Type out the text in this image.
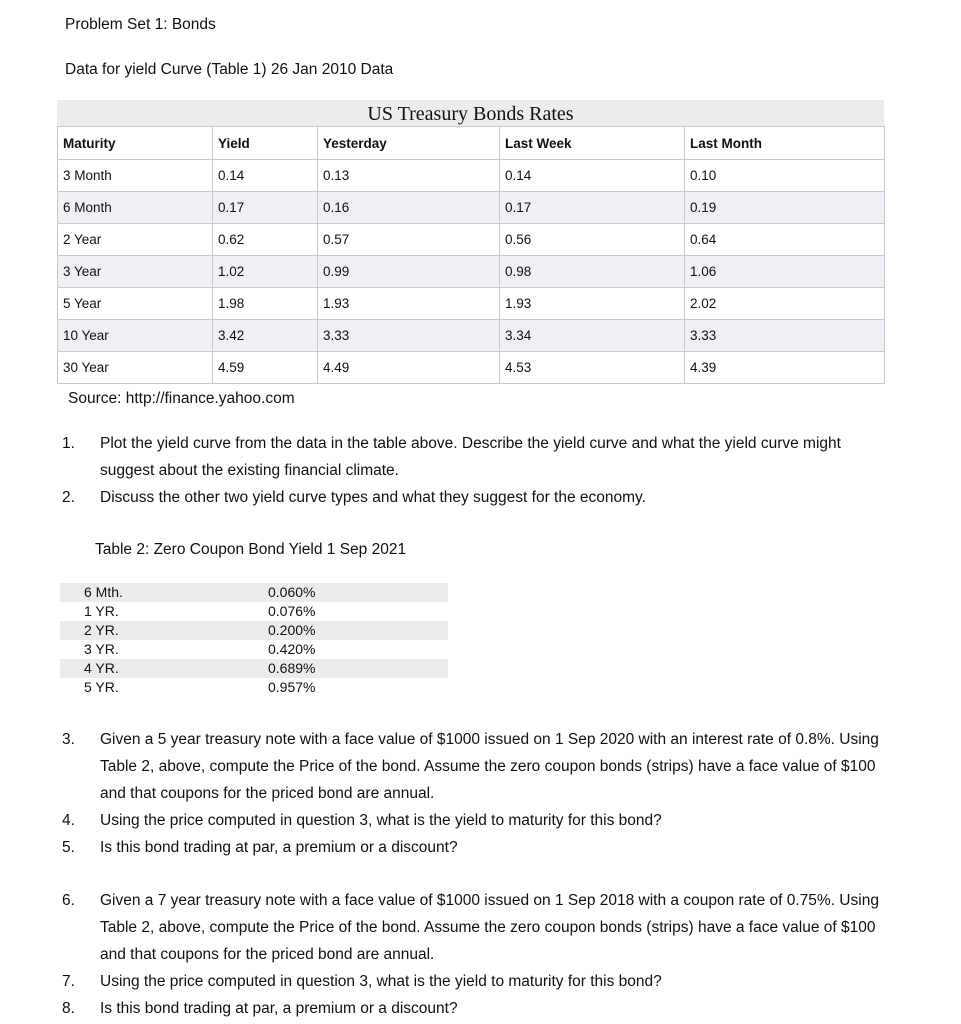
Problem Set 1: Bonds
Data for yield Curve (Table 1) 26 Jan 2010 Data
US Treasury Bonds Rates
Maturity	Yield	Yesterday	Last Week	Last Month
3 Month	0.14	0.13	0.14	0.10
6 Month	0.17	0.16	0.17	0.19
2 Year	0.62	0.57	0.56	0.64
3 Year	1.02	0.99	0.98	1.06
5 Year	1.98	1.93	1.93	2.02
10 Year	3.42	3.33	3.34	3.33
30 Year	4.59	4.49	4.53	4.39
Source: http://finance.yahoo.com
1. Plot the yield curve from the data in the table above. Describe the yield curve and what the yield curve might suggest about the existing financial climate.
2. Discuss the other two yield curve types and what they suggest for the economy.
Table 2: Zero Coupon Bond Yield 1 Sep 2021
6 Mth.	0.060%
1 YR.	0.076%
2 YR.	0.200%
3 YR.	0.420%
4 YR.	0.689%
5 YR.	0.957%
3. Given a 5 year treasury note with a face value of $1000 issued on 1 Sep 2020 with an interest rate of 0.8%. Using Table 2, above, compute the Price of the bond. Assume the zero coupon bonds (strips) have a face value of $100 and that coupons for the priced bond are annual.
4. Using the price computed in question 3, what is the yield to maturity for this bond?
5. Is this bond trading at par, a premium or a discount?
6. Given a 7 year treasury note with a face value of $1000 issued on 1 Sep 2018 with a coupon rate of 0.75%. Using Table 2, above, compute the Price of the bond. Assume the zero coupon bonds (strips) have a face value of $100 and that coupons for the priced bond are annual.
7. Using the price computed in question 3, what is the yield to maturity for this bond?
8. Is this bond trading at par, a premium or a discount?
